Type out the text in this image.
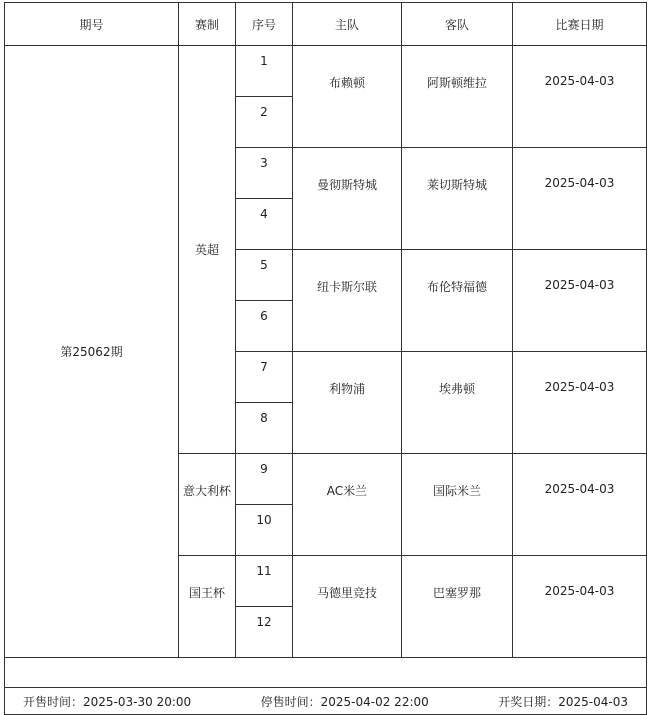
期号	赛制	序号	主队	客队	比赛日期
第25062期	英超	1	布赖顿	阿斯顿维拉	2025-04-03
		2			
		3	曼彻斯特城	莱切斯特城	2025-04-03
		4			
		5	纽卡斯尔联	布伦特福德	2025-04-03
		6			
		7	利物浦	埃弗顿	2025-04-03
		8			
	意大利杯	9	AC米兰	国际米兰	2025-04-03
		10			
	国王杯	11	马德里竞技	巴塞罗那	2025-04-03
		12			

开售时间：2025-03-30 20:00 停售时间：2025-04-02 22:00 开奖日期：2025-04-03					
